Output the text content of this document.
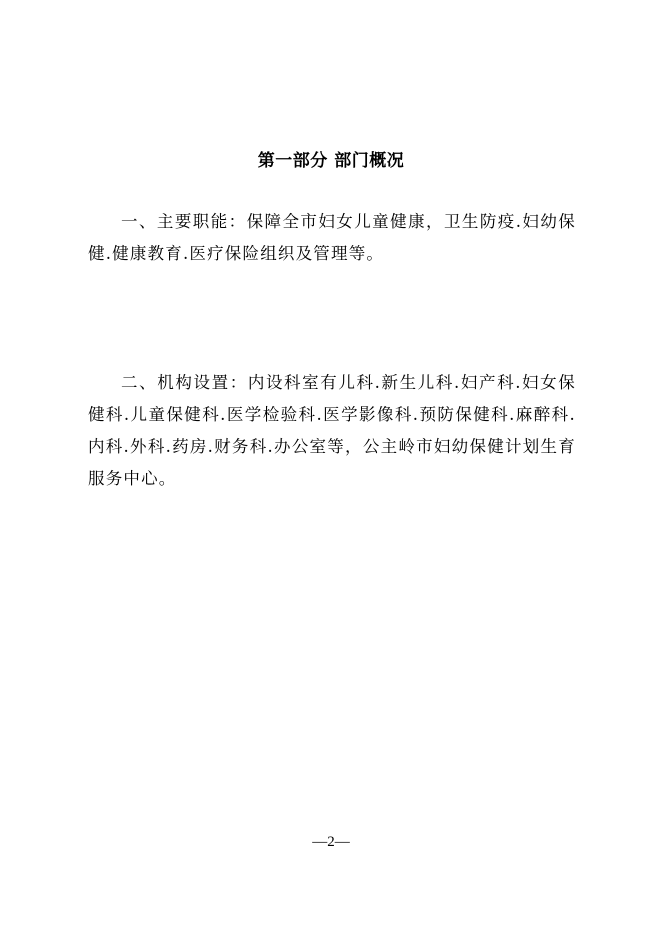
第一部分 部门概况

一、主要职能：保障全市妇女儿童健康，卫生防疫.妇幼保健.健康教育.医疗保险组织及管理等。

二、机构设置：内设科室有儿科.新生儿科.妇产科.妇女保健科.儿童保健科.医学检验科.医学影像科.预防保健科.麻醉科.内科.外科.药房.财务科.办公室等，公主岭市妇幼保健计划生育服务中心。

—2—
